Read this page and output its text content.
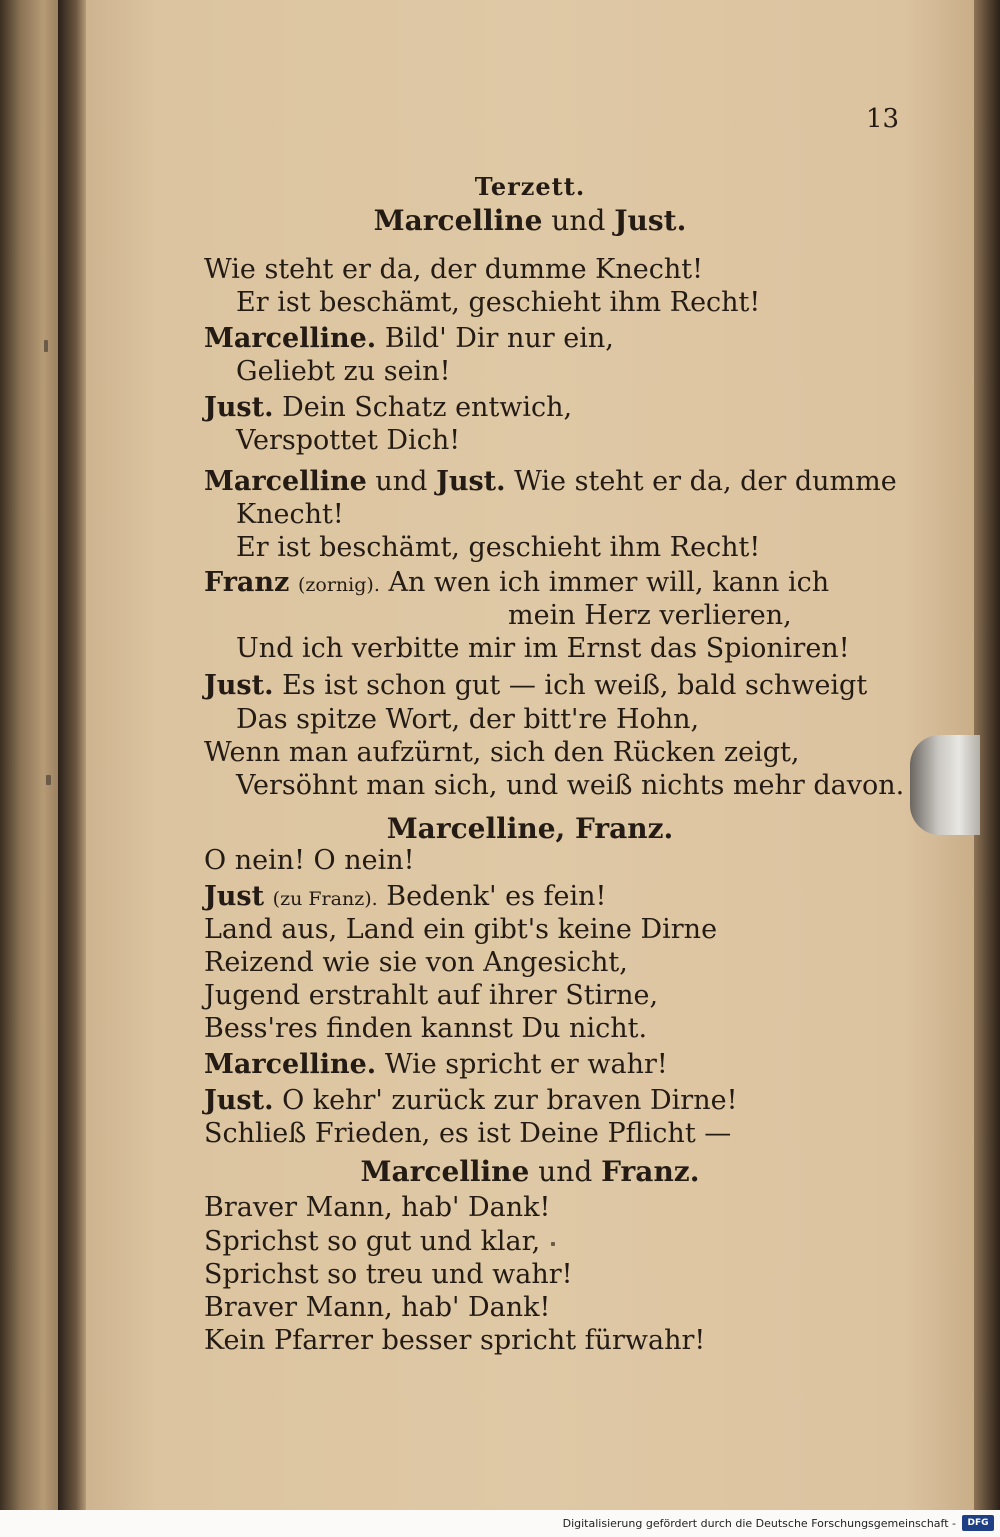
13
Terzett.
Marcelline und Just.
Wie steht er da, der dumme Knecht!
Er ist beschämt, geschieht ihm Recht!
Marcelline. Bild' Dir nur ein,
Geliebt zu sein!
Just. Dein Schatz entwich,
Verspottet Dich!
Marcelline und Just. Wie steht er da, der dumme
Knecht!
Er ist beschämt, geschieht ihm Recht!
Franz (zornig). An wen ich immer will, kann ich
mein Herz verlieren,
Und ich verbitte mir im Ernst das Spioniren!
Just. Es ist schon gut — ich weiß, bald schweigt
Das spitze Wort, der bitt're Hohn,
Wenn man aufzürnt, sich den Rücken zeigt,
Versöhnt man sich, und weiß nichts mehr davon.
Marcelline, Franz.
O nein! O nein!
Just (zu Franz). Bedenk' es fein!
Land aus, Land ein gibt's keine Dirne
Reizend wie sie von Angesicht,
Jugend erstrahlt auf ihrer Stirne,
Bess'res finden kannst Du nicht.
Marcelline. Wie spricht er wahr!
Just. O kehr' zurück zur braven Dirne!
Schließ Frieden, es ist Deine Pflicht —
Marcelline und Franz.
Braver Mann, hab' Dank!
Sprichst so gut und klar,
Sprichst so treu und wahr!
Braver Mann, hab' Dank!
Kein Pfarrer besser spricht fürwahr!
Digitalisierung gefördert durch die Deutsche Forschungsgemeinschaft -	DFG
